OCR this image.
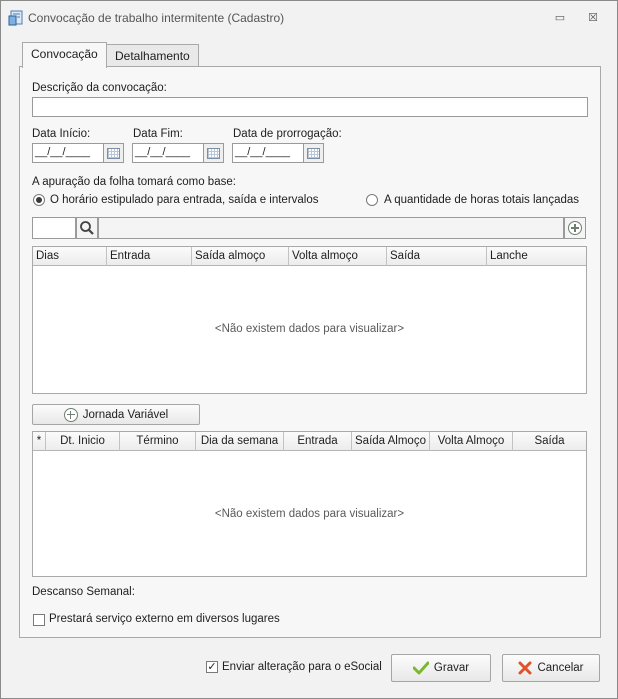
Convocação de trabalho intermitente (Cadastro)	▭	☒
Convocação	Detalhamento
Descrição da convocação:
Data Início:
__/__/____
Data Fim:
__/__/____
Data de prorrogação:
__/__/____
A apuração da folha tomará como base:
O horário estipulado para entrada, saída e intervalos	A quantidade de horas totais lançadas
Dias	Entrada	Saída almoço	Volta almoço	Saída	Lanche
<Não existem dados para visualizar>
Jornada Variável
*	Dt. Inicio	Término	Dia da semana	Entrada	Saída Almoço	Volta Almoço	Saída
<Não existem dados para visualizar>
Descanso Semanal:
Prestará serviço externo em diversos lugares
✓ Enviar alteração para o eSocial	Gravar	Cancelar
